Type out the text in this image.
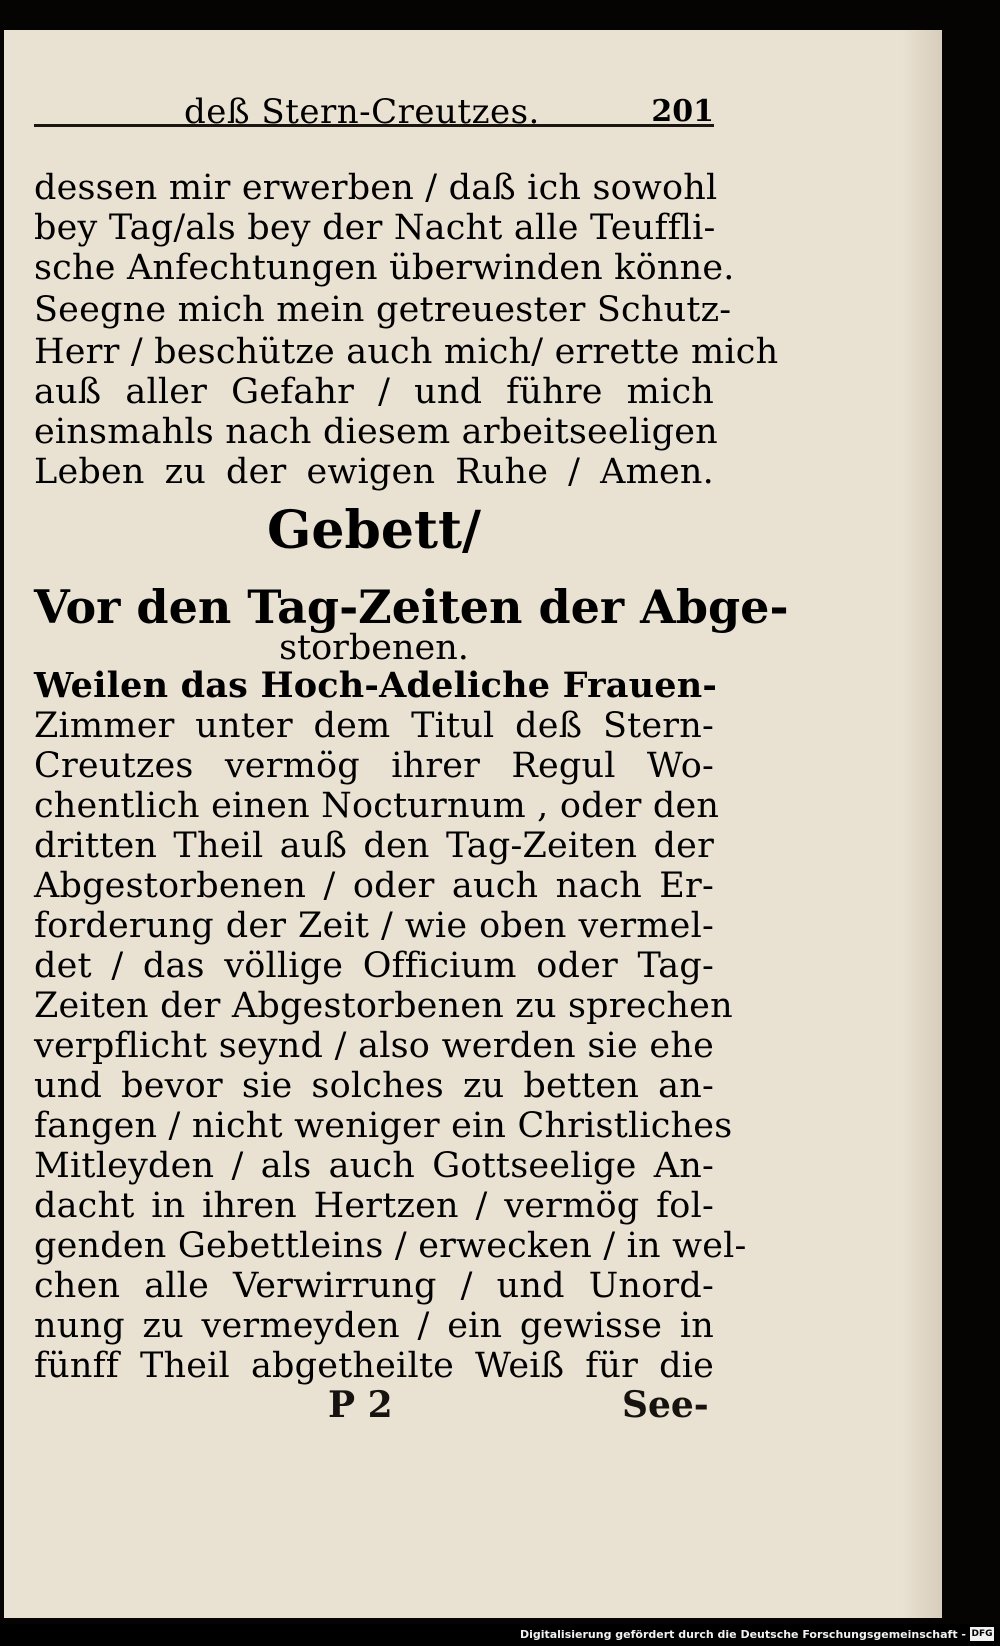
deß Stern-Creutzes.	201
dessen mir erwerben / daß ich sowohl
bey Tag/als bey der Nacht alle Teuffli-
sche Anfechtungen überwinden könne.
Seegne mich mein getreuester Schutz-
Herr / beschütze auch mich/ errette mich
auß aller Gefahr / und führe mich
einsmahls nach diesem arbeitseeligen
Leben zu der ewigen Ruhe / Amen.
Gebett/
Vor den Tag-Zeiten der Abge-
storbenen.
Weilen das Hoch-Adeliche Frauen-
Zimmer unter dem Titul deß Stern-
Creutzes vermög ihrer Regul Wo-
chentlich einen Nocturnum , oder den
dritten Theil auß den Tag-Zeiten der
Abgestorbenen / oder auch nach Er-
forderung der Zeit / wie oben vermel-
det / das völlige Officium oder Tag-
Zeiten der Abgestorbenen zu sprechen
verpflicht seynd / also werden sie ehe
und bevor sie solches zu betten an-
fangen / nicht weniger ein Christliches
Mitleyden / als auch Gottseelige An-
dacht in ihren Hertzen / vermög fol-
genden Gebettleins / erwecken / in wel-
chen alle Verwirrung / und Unord-
nung zu vermeyden / ein gewisse in
fünff Theil abgetheilte Weiß für die
P 2	See-
Digitalisierung gefördert durch die Deutsche Forschungsgemeinschaft - DFG
